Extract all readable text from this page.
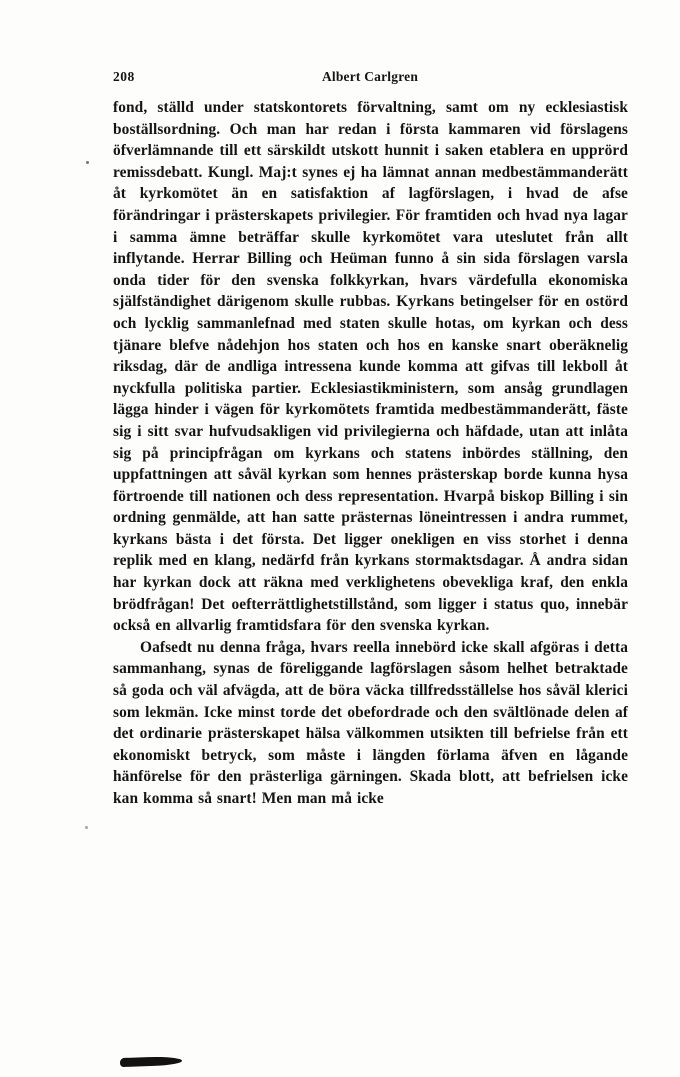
208	Albert Carlgren

fond, ställd under statskontorets förvaltning, samt om ny ecklesiastisk boställsordning. Och man har redan i första kammaren vid förslagens öfverlämnande till ett särskildt utskott hunnit i saken etablera en upprörd remissdebatt. Kungl. Maj:t synes ej ha lämnat annan medbestämmanderätt åt kyrkomötet än en satisfaktion af lagförslagen, i hvad de afse förändringar i prästerskapets privilegier. För framtiden och hvad nya lagar i samma ämne beträffar skulle kyrkomötet vara uteslutet från allt inflytande. Herrar Billing och Heüman funno å sin sida förslagen varsla onda tider för den svenska folkkyrkan, hvars värdefulla ekonomiska själfständighet därigenom skulle rubbas. Kyrkans betingelser för en ostörd och lycklig sammanlefnad med staten skulle hotas, om kyrkan och dess tjänare blefve nådehjon hos staten och hos en kanske snart oberäknelig riksdag, där de andliga intressena kunde komma att gifvas till lekboll åt nyckfulla politiska partier. Ecklesiastikministern, som ansåg grundlagen lägga hinder i vägen för kyrkomötets framtida medbestämmanderätt, fäste sig i sitt svar hufvudsakligen vid privilegierna och häfdade, utan att inlåta sig på principfrågan om kyrkans och statens inbördes ställning, den uppfattningen att såväl kyrkan som hennes prästerskap borde kunna hysa förtroende till nationen och dess representation. Hvarpå biskop Billing i sin ordning genmälde, att han satte prästernas löneintressen i andra rummet, kyrkans bästa i det första. Det ligger onekligen en viss storhet i denna replik med en klang, nedärfd från kyrkans stormaktsdagar. Å andra sidan har kyrkan dock att räkna med verklighetens obevekliga kraf, den enkla brödfrågan! Det oefterrättlighetstillstånd, som ligger i status quo, innebär också en allvarlig framtidsfara för den svenska kyrkan.

Oafsedt nu denna fråga, hvars reella innebörd icke skall afgöras i detta sammanhang, synas de föreliggande lagförslagen såsom helhet betraktade så goda och väl afvägda, att de böra väcka tillfredsställelse hos såväl klerici som lekmän. Icke minst torde det obefordrade och den svältlönade delen af det ordinarie prästerskapet hälsa välkommen utsikten till befrielse från ett ekonomiskt betryck, som måste i längden förlama äfven en lågande hänförelse för den prästerliga gärningen. Skada blott, att befrielsen icke kan komma så snart! Men man må icke
